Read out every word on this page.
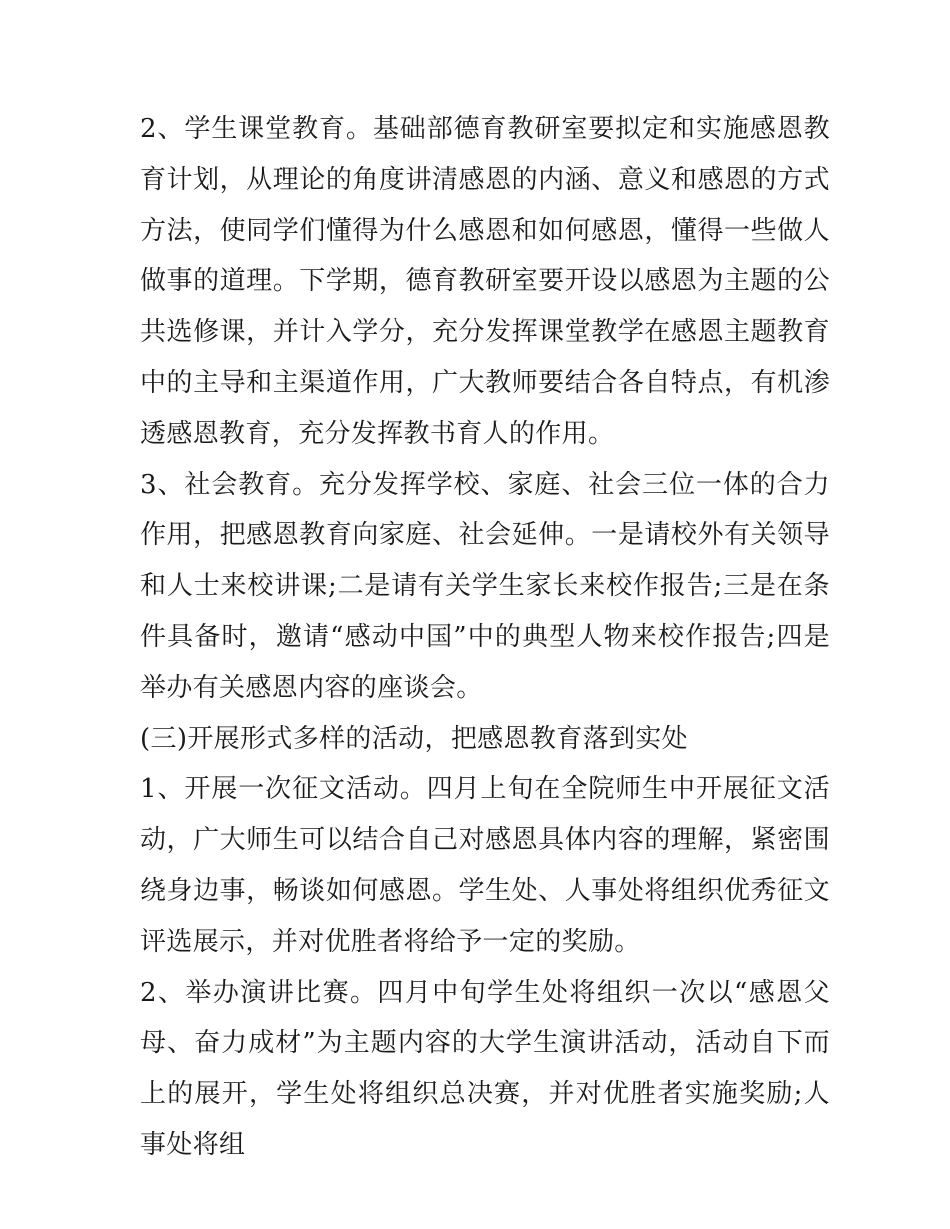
2、学生课堂教育。基础部德育教研室要拟定和实施感恩教育计划，从理论的角度讲清感恩的内涵、意义和感恩的方式方法，使同学们懂得为什么感恩和如何感恩，懂得一些做人做事的道理。下学期，德育教研室要开设以感恩为主题的公共选修课，并计入学分，充分发挥课堂教学在感恩主题教育中的主导和主渠道作用，广大教师要结合各自特点，有机渗透感恩教育，充分发挥教书育人的作用。

3、社会教育。充分发挥学校、家庭、社会三位一体的合力作用，把感恩教育向家庭、社会延伸。一是请校外有关领导和人士来校讲课;二是请有关学生家长来校作报告;三是在条件具备时，邀请“感动中国”中的典型人物来校作报告;四是举办有关感恩内容的座谈会。

(三)开展形式多样的活动，把感恩教育落到实处

1、开展一次征文活动。四月上旬在全院师生中开展征文活动，广大师生可以结合自己对感恩具体内容的理解，紧密围绕身边事，畅谈如何感恩。学生处、人事处将组织优秀征文评选展示，并对优胜者将给予一定的奖励。

2、举办演讲比赛。四月中旬学生处将组织一次以“感恩父母、奋力成材”为主题内容的大学生演讲活动，活动自下而上的展开，学生处将组织总决赛，并对优胜者实施奖励;人事处将组
